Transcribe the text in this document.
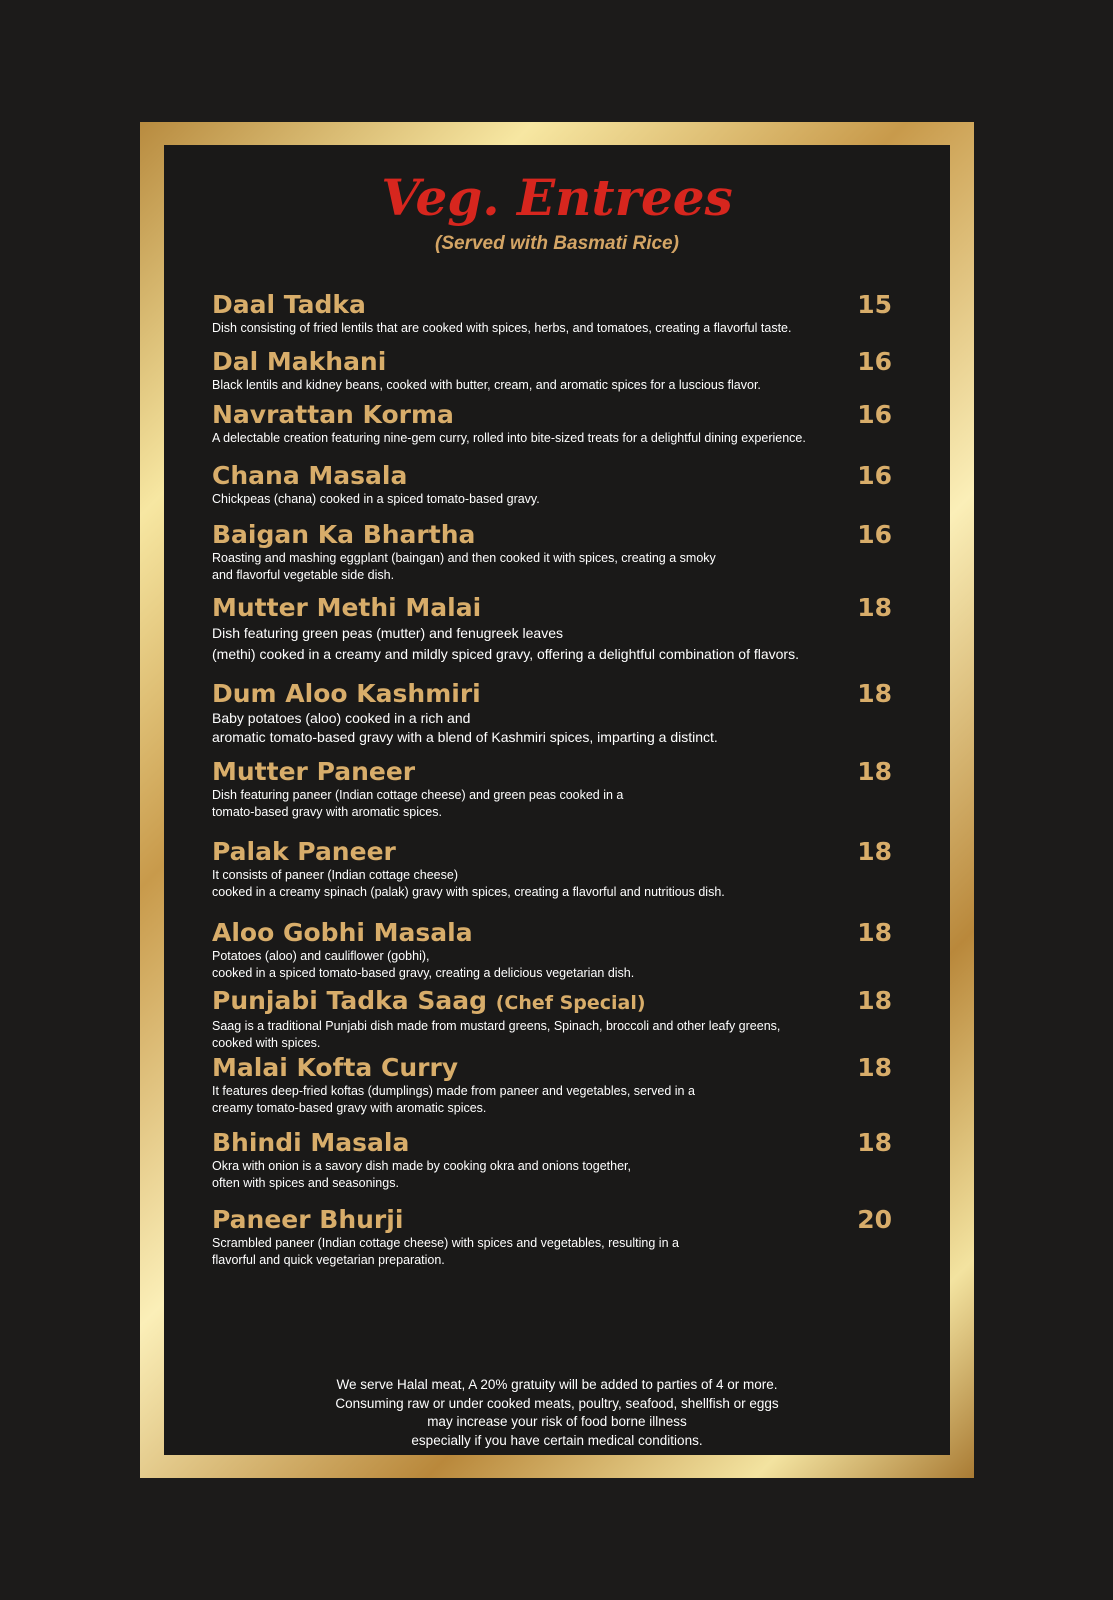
Veg. Entrees
(Served with Basmati Rice)
Daal Tadka	15
Dish consisting of fried lentils that are cooked with spices, herbs, and tomatoes, creating a flavorful taste.
Dal Makhani	16
Black lentils and kidney beans, cooked with butter, cream, and aromatic spices for a luscious flavor.
Navrattan Korma	16
A delectable creation featuring nine-gem curry, rolled into bite-sized treats for a delightful dining experience.
Chana Masala	16
Chickpeas (chana) cooked in a spiced tomato-based gravy.
Baigan Ka Bhartha	16
Roasting and mashing eggplant (baingan) and then cooked it with spices, creating a smoky
and flavorful vegetable side dish.
Mutter Methi Malai	18
Dish featuring green peas (mutter) and fenugreek leaves
(methi) cooked in a creamy and mildly spiced gravy, offering a delightful combination of flavors.
Dum Aloo Kashmiri	18
Baby potatoes (aloo) cooked in a rich and
aromatic tomato-based gravy with a blend of Kashmiri spices, imparting a distinct.
Mutter Paneer	18
Dish featuring paneer (Indian cottage cheese) and green peas cooked in a
tomato-based gravy with aromatic spices.
Palak Paneer	18
It consists of paneer (Indian cottage cheese)
cooked in a creamy spinach (palak) gravy with spices, creating a flavorful and nutritious dish.
Aloo Gobhi Masala	18
Potatoes (aloo) and cauliflower (gobhi),
cooked in a spiced tomato-based gravy, creating a delicious vegetarian dish.
Punjabi Tadka Saag (Chef Special)	18
Saag is a traditional Punjabi dish made from mustard greens, Spinach, broccoli and other leafy greens,
cooked with spices.
Malai Kofta Curry	18
It features deep-fried koftas (dumplings) made from paneer and vegetables, served in a
creamy tomato-based gravy with aromatic spices.
Bhindi Masala	18
Okra with onion is a savory dish made by cooking okra and onions together,
often with spices and seasonings.
Paneer Bhurji	20
Scrambled paneer (Indian cottage cheese) with spices and vegetables, resulting in a
flavorful and quick vegetarian preparation.
We serve Halal meat, A 20% gratuity will be added to parties of 4 or more.
Consuming raw or under cooked meats, poultry, seafood, shellfish or eggs
may increase your risk of food borne illness
especially if you have certain medical conditions.
